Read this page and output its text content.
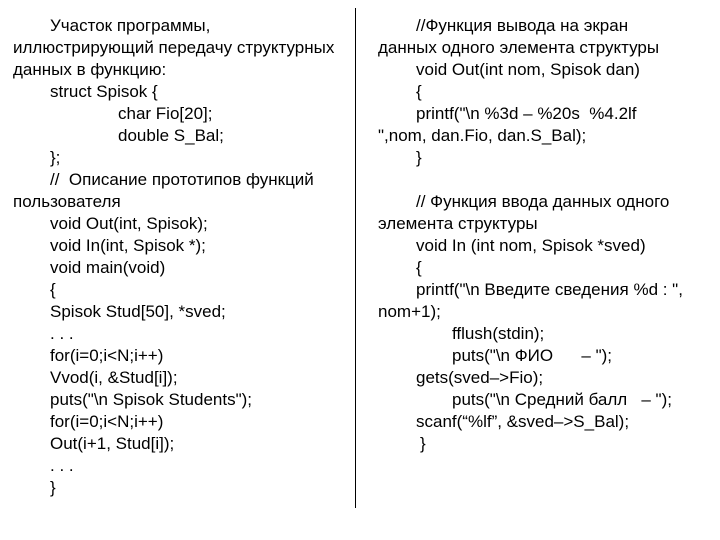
Участок программы,
иллюстрирующий передачу структурных
данных в функцию:
struct Spisok {
char Fio[20];
double S_Bal;
};
//  Описание прототипов функций
пользователя
void Out(int, Spisok);
void In(int, Spisok *);
void main(void)
{
Spisok Stud[50], *sved;
. . .
for(i=0;i<N;i++)
Vvod(i, &Stud[i]);
puts("\n Spisok Students");
for(i=0;i<N;i++)
Out(i+1, Stud[i]);
. . .
}
//Функция вывода на экран
данных одного элемента структуры
void Out(int nom, Spisok dan)
{
printf("\n %3d – %20s  %4.2lf
",nom, dan.Fio, dan.S_Bal);
}
// Функция ввода данных одного
элемента структуры
void In (int nom, Spisok *sved)
{
printf("\n Введите сведения %d : ",
nom+1);
fflush(stdin);
puts("\n ФИО      – ");
gets(sved–>Fio);
puts("\n Средний балл   – ");
scanf(“%lf”, &sved–>S_Bal);
}
